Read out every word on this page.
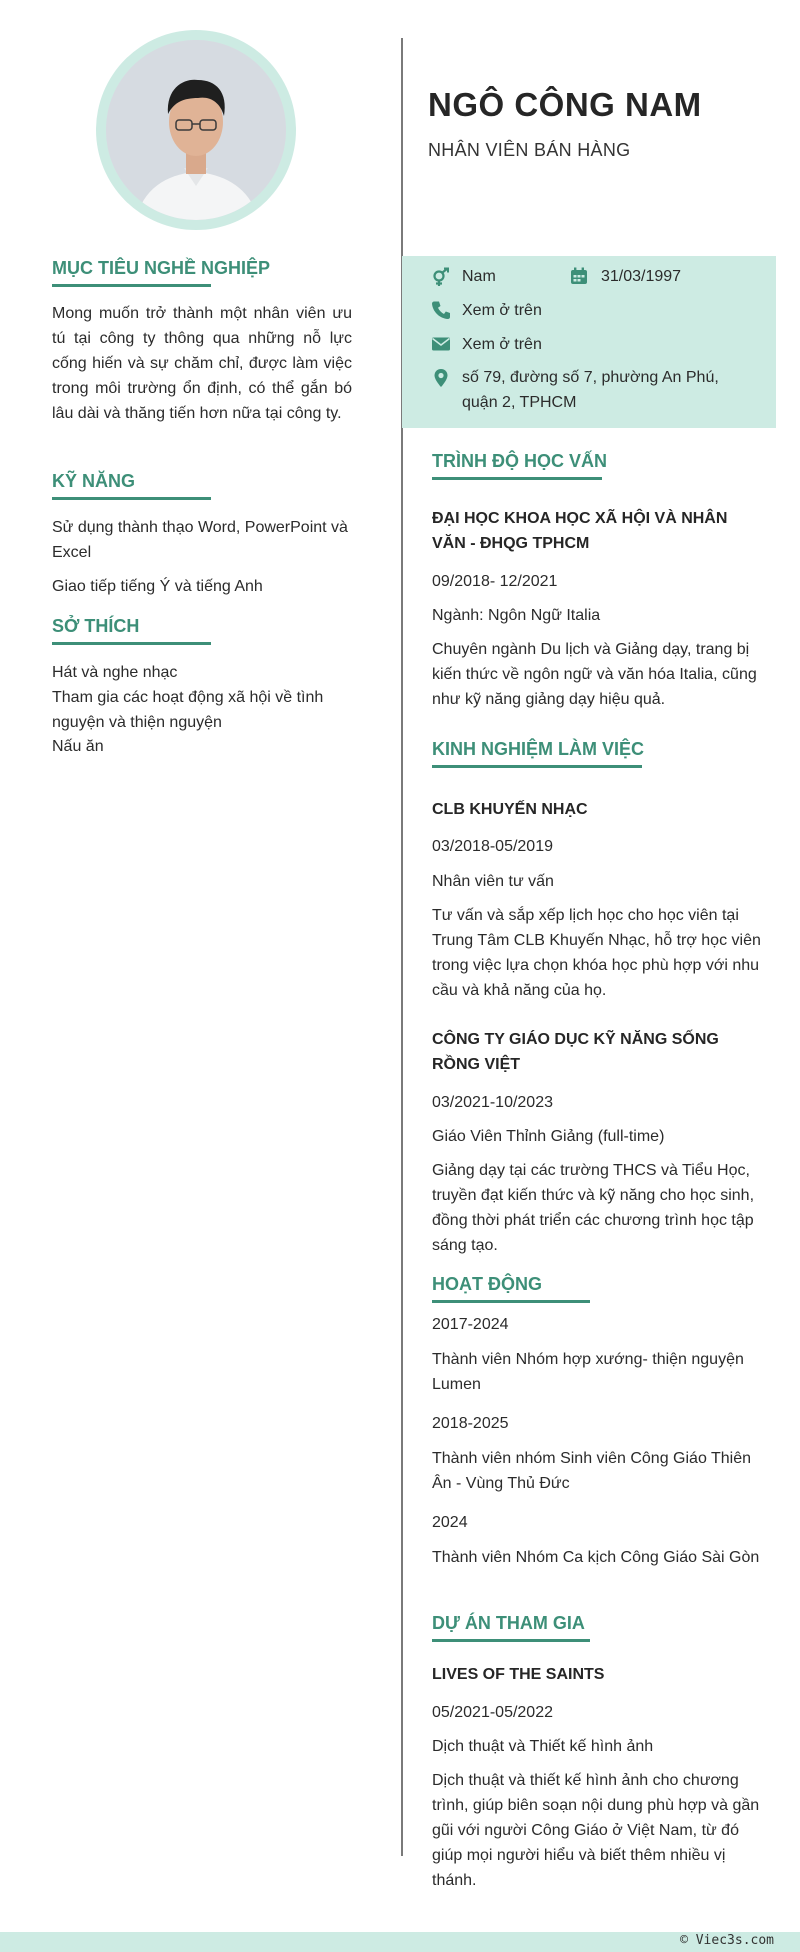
NGÔ CÔNG NAM
NHÂN VIÊN BÁN HÀNG
Nam	31/03/1997
Xem ở trên
Xem ở trên
số 79, đường số 7, phường An Phú,
quận 2, TPHCM
MỤC TIÊU NGHỀ NGHIỆP
Mong muốn trở thành một nhân viên ưu tú tại công ty thông qua những nỗ lực cống hiến và sự chăm chỉ, được làm việc trong môi trường ổn định, có thể gắn bó lâu dài và thăng tiến hơn nữa tại công ty.
KỸ NĂNG
Sử dụng thành thạo Word, PowerPoint và Excel
Giao tiếp tiếng Ý và tiếng Anh
SỞ THÍCH
Hát và nghe nhạc
Tham gia các hoạt động xã hội về tình nguyện và thiện nguyện
Nấu ăn
TRÌNH ĐỘ HỌC VẤN
ĐẠI HỌC KHOA HỌC XÃ HỘI VÀ NHÂN VĂN - ĐHQG TPHCM
09/2018- 12/2021
Ngành: Ngôn Ngữ Italia
Chuyên ngành Du lịch và Giảng dạy, trang bị kiến thức về ngôn ngữ và văn hóa Italia, cũng như kỹ năng giảng dạy hiệu quả.
KINH NGHIỆM LÀM VIỆC
CLB KHUYẾN NHẠC
03/2018-05/2019
Nhân viên tư vấn
Tư vấn và sắp xếp lịch học cho học viên tại Trung Tâm CLB Khuyến Nhạc, hỗ trợ học viên trong việc lựa chọn khóa học phù hợp với nhu cầu và khả năng của họ.
CÔNG TY GIÁO DỤC KỸ NĂNG SỐNG RỒNG VIỆT
03/2021-10/2023
Giáo Viên Thỉnh Giảng (full-time)
Giảng dạy tại các trường THCS và Tiểu Học, truyền đạt kiến thức và kỹ năng cho học sinh, đồng thời phát triển các chương trình học tập sáng tạo.
HOẠT ĐỘNG
2017-2024
Thành viên Nhóm hợp xướng- thiện nguyện Lumen
2018-2025
Thành viên nhóm Sinh viên Công Giáo Thiên Ân - Vùng Thủ Đức
2024
Thành viên Nhóm Ca kịch Công Giáo Sài Gòn
DỰ ÁN THAM GIA
LIVES OF THE SAINTS
05/2021-05/2022
Dịch thuật và Thiết kế hình ảnh
Dịch thuật và thiết kế hình ảnh cho chương trình, giúp biên soạn nội dung phù hợp và gần gũi với người Công Giáo ở Việt Nam, từ đó giúp mọi người hiểu và biết thêm nhiều vị thánh.
© Viec3s.com
